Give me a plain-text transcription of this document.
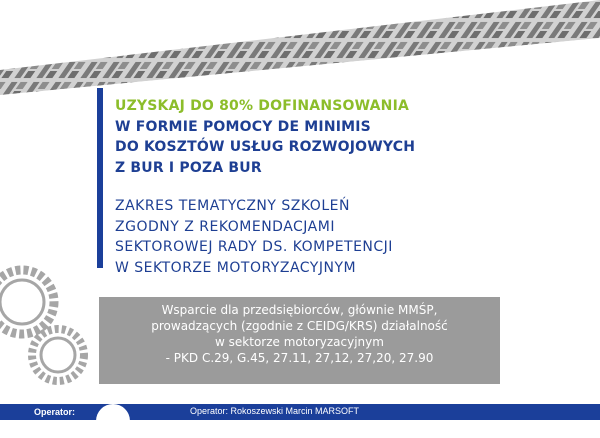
UZYSKAJ DO 80% DOFINANSOWANIA
W FORMIE POMOCY DE MINIMIS
DO KOSZTÓW USŁUG ROZWOJOWYCH
Z BUR I POZA BUR
ZAKRES TEMATYCZNY SZKOLEŃ
ZGODNY Z REKOMENDACJAMI
SEKTOROWEJ RADY DS. KOMPETENCJI
W SEKTORZE MOTORYZACYJNYM
Wsparcie dla przedsiębiorców, głównie MMŚP,
prowadzących (zgodnie z CEIDG/KRS) działalność
w sektorze motoryzacyjnym
- PKD C.29, G.45, 27.11, 27,12, 27,20, 27.90
Operator:	Operator: Rokoszewski Marcin MARSOFT
